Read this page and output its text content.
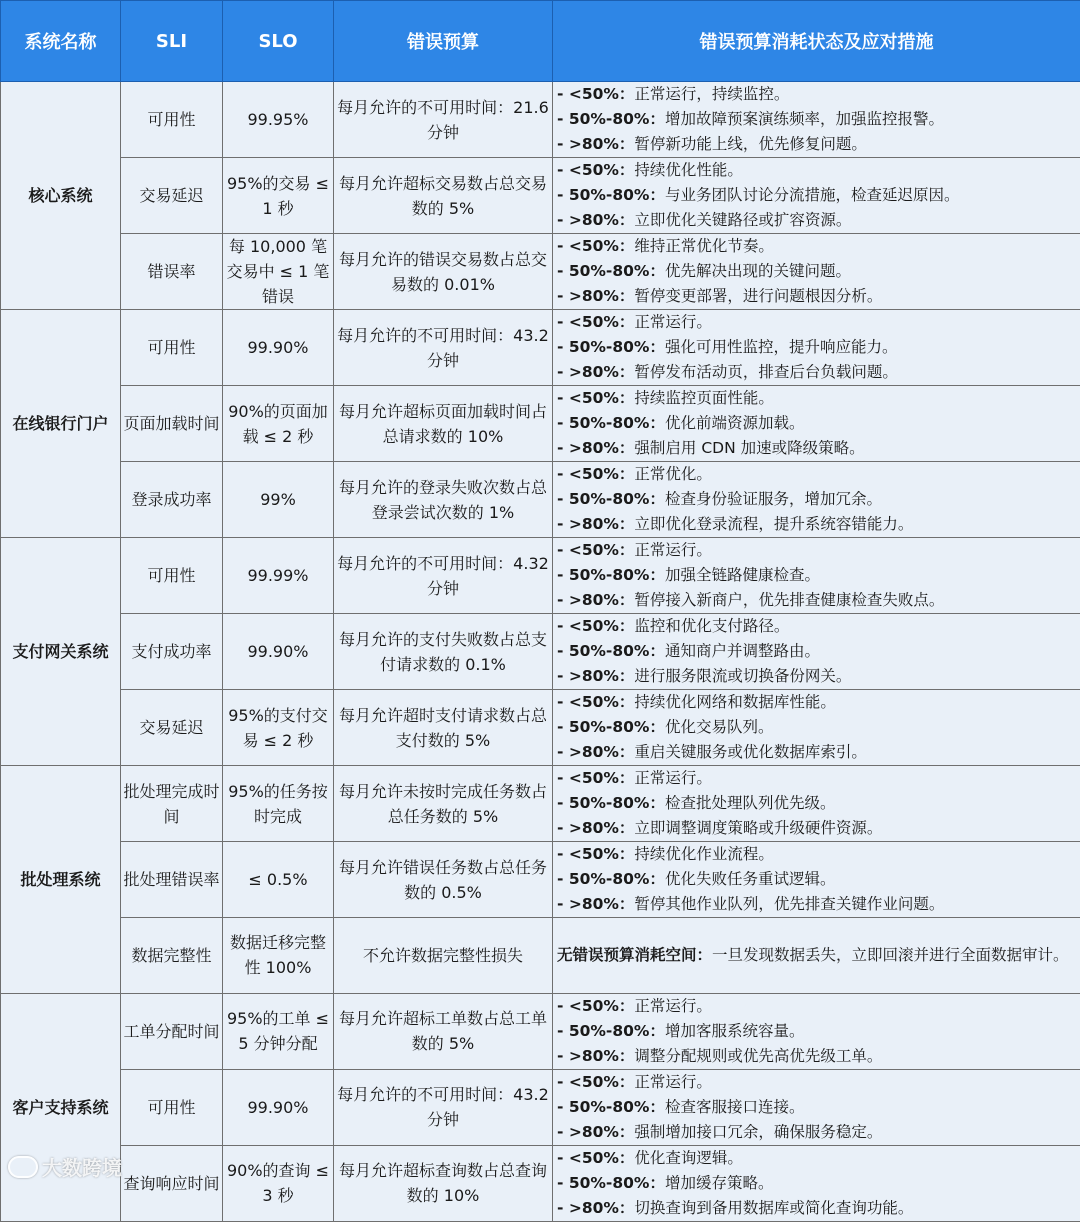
系统名称	SLI	SLO	错误预算	错误预算消耗状态及应对措施
核心系统	可用性	99.95%	每月允许的不可用时间：21.6 分钟	- <50%：正常运行，持续监控。
- 50%-80%：增加故障预案演练频率，加强监控报警。
- >80%：暂停新功能上线，优先修复问题。

	交易延迟	95%的交易 ≤ 1 秒	每月允许超标交易数占总交易数的 5%	- <50%：持续优化性能。
- 50%-80%：与业务团队讨论分流措施，检查延迟原因。
- >80%：立即优化关键路径或扩容资源。

	错误率	每 10,000 笔交易中 ≤ 1 笔错误	每月允许的错误交易数占总交易数的 0.01%	- <50%：维持正常优化节奏。
- 50%-80%：优先解决出现的关键问题。
- >80%：暂停变更部署，进行问题根因分析。

在线银行门户	可用性	99.90%	每月允许的不可用时间：43.2 分钟	- <50%：正常运行。
- 50%-80%：强化可用性监控，提升响应能力。
- >80%：暂停发布活动页，排查后台负载问题。

	页面加载时间	90%的页面加载 ≤ 2 秒	每月允许超标页面加载时间占总请求数的 10%	- <50%：持续监控页面性能。
- 50%-80%：优化前端资源加载。
- >80%：强制启用 CDN 加速或降级策略。

	登录成功率	99%	每月允许的登录失败次数占总登录尝试次数的 1%	- <50%：正常优化。
- 50%-80%：检查身份验证服务，增加冗余。
- >80%：立即优化登录流程，提升系统容错能力。

支付网关系统	可用性	99.99%	每月允许的不可用时间：4.32 分钟	- <50%：正常运行。
- 50%-80%：加强全链路健康检查。
- >80%：暂停接入新商户，优先排查健康检查失败点。

	支付成功率	99.90%	每月允许的支付失败数占总支付请求数的 0.1%	- <50%：监控和优化支付路径。
- 50%-80%：通知商户并调整路由。
- >80%：进行服务限流或切换备份网关。

	交易延迟	95%的支付交易 ≤ 2 秒	每月允许超时支付请求数占总支付数的 5%	- <50%：持续优化网络和数据库性能。
- 50%-80%：优化交易队列。
- >80%：重启关键服务或优化数据库索引。

批处理系统	批处理完成时间	95%的任务按时完成	每月允许未按时完成任务数占总任务数的 5%	- <50%：正常运行。
- 50%-80%：检查批处理队列优先级。
- >80%：立即调整调度策略或升级硬件资源。

	批处理错误率	≤ 0.5%	每月允许错误任务数占总任务数的 0.5%	- <50%：持续优化作业流程。
- 50%-80%：优化失败任务重试逻辑。
- >80%：暂停其他作业队列，优先排查关键作业问题。

	数据完整性	数据迁移完整性 100%	不允许数据完整性损失	无错误预算消耗空间：一旦发现数据丢失，立即回滚并进行全面数据审计。

客户支持系统	工单分配时间	95%的工单 ≤ 5 分钟分配	每月允许超标工单数占总工单数的 5%	- <50%：正常运行。
- 50%-80%：增加客服系统容量。
- >80%：调整分配规则或优先高优先级工单。

	可用性	99.90%	每月允许的不可用时间：43.2 分钟	- <50%：正常运行。
- 50%-80%：检查客服接口连接。
- >80%：强制增加接口冗余，确保服务稳定。

	查询响应时间	90%的查询 ≤ 3 秒	每月允许超标查询数占总查询数的 10%	- <50%：优化查询逻辑。
- 50%-80%：增加缓存策略。
- >80%：切换查询到备用数据库或简化查询功能。
大数跨境
